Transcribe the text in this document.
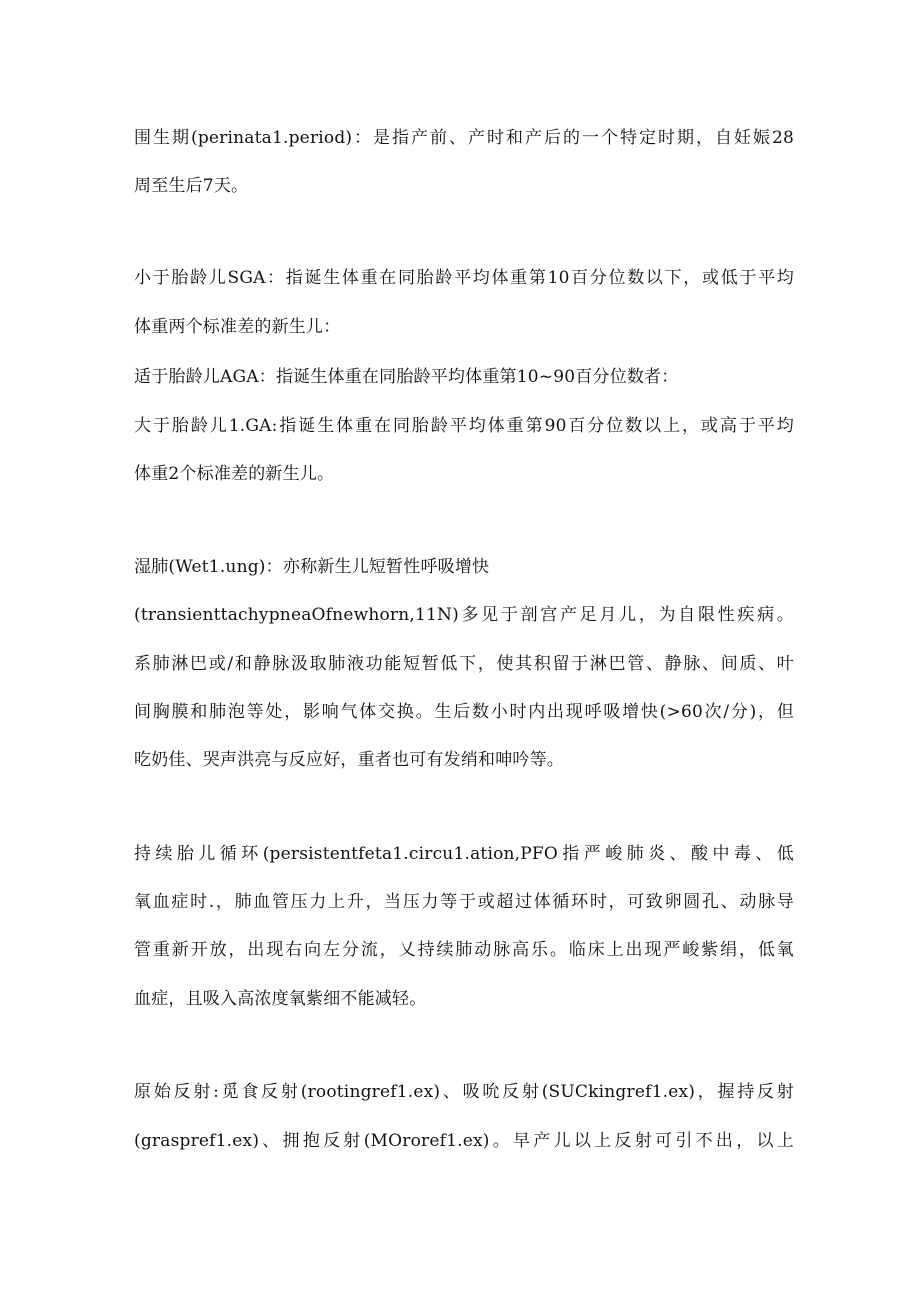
围生期(perinata1.period)：是指产前、产时和产后的一个特定时期，自妊娠28
周至生后7天。
小于胎龄儿SGA：指诞生体重在同胎龄平均体重第10百分位数以下，或低于平均
体重两个标准差的新生儿：
适于胎龄儿AGA：指诞生体重在同胎龄平均体重第10~90百分位数者：
大于胎龄儿1.GA:指诞生体重在同胎龄平均体重第90百分位数以上，或高于平均
体重2个标准差的新生儿。
湿肺(Wet1.ung)：亦称新生儿短暂性呼吸增快
(transienttachypneaOfnewhorn,11N)多见于剖宫产足月儿，为自限性疾病。
系肺淋巴或/和静脉汲取肺液功能短暂低下，使其积留于淋巴管、静脉、间质、叶
间胸膜和肺泡等处，影响气体交换。生后数小时内出现呼吸增快(>60次/分)，但
吃奶佳、哭声洪亮与反应好，重者也可有发绡和呻吟等。
持续胎儿循环(persistentfeta1.circu1.ation,PFO指严峻肺炎、酸中毒、低
氧血症时.，肺血管压力上升，当压力等于或超过体循环时，可致卵圆孔、动脉导
管重新开放，出现右向左分流，乂持续肺动脉高乐。临床上出现严峻紫绢，低氧
血症，且吸入高浓度氧紫细不能减轻。
原始反射:觅食反射(rootingref1.ex)、吸吮反射(SUCkingref1.ex)，握持反射
(graspref1.ex)、拥抱反射(MOroref1.ex)。早产儿以上反射可引不出，以上
